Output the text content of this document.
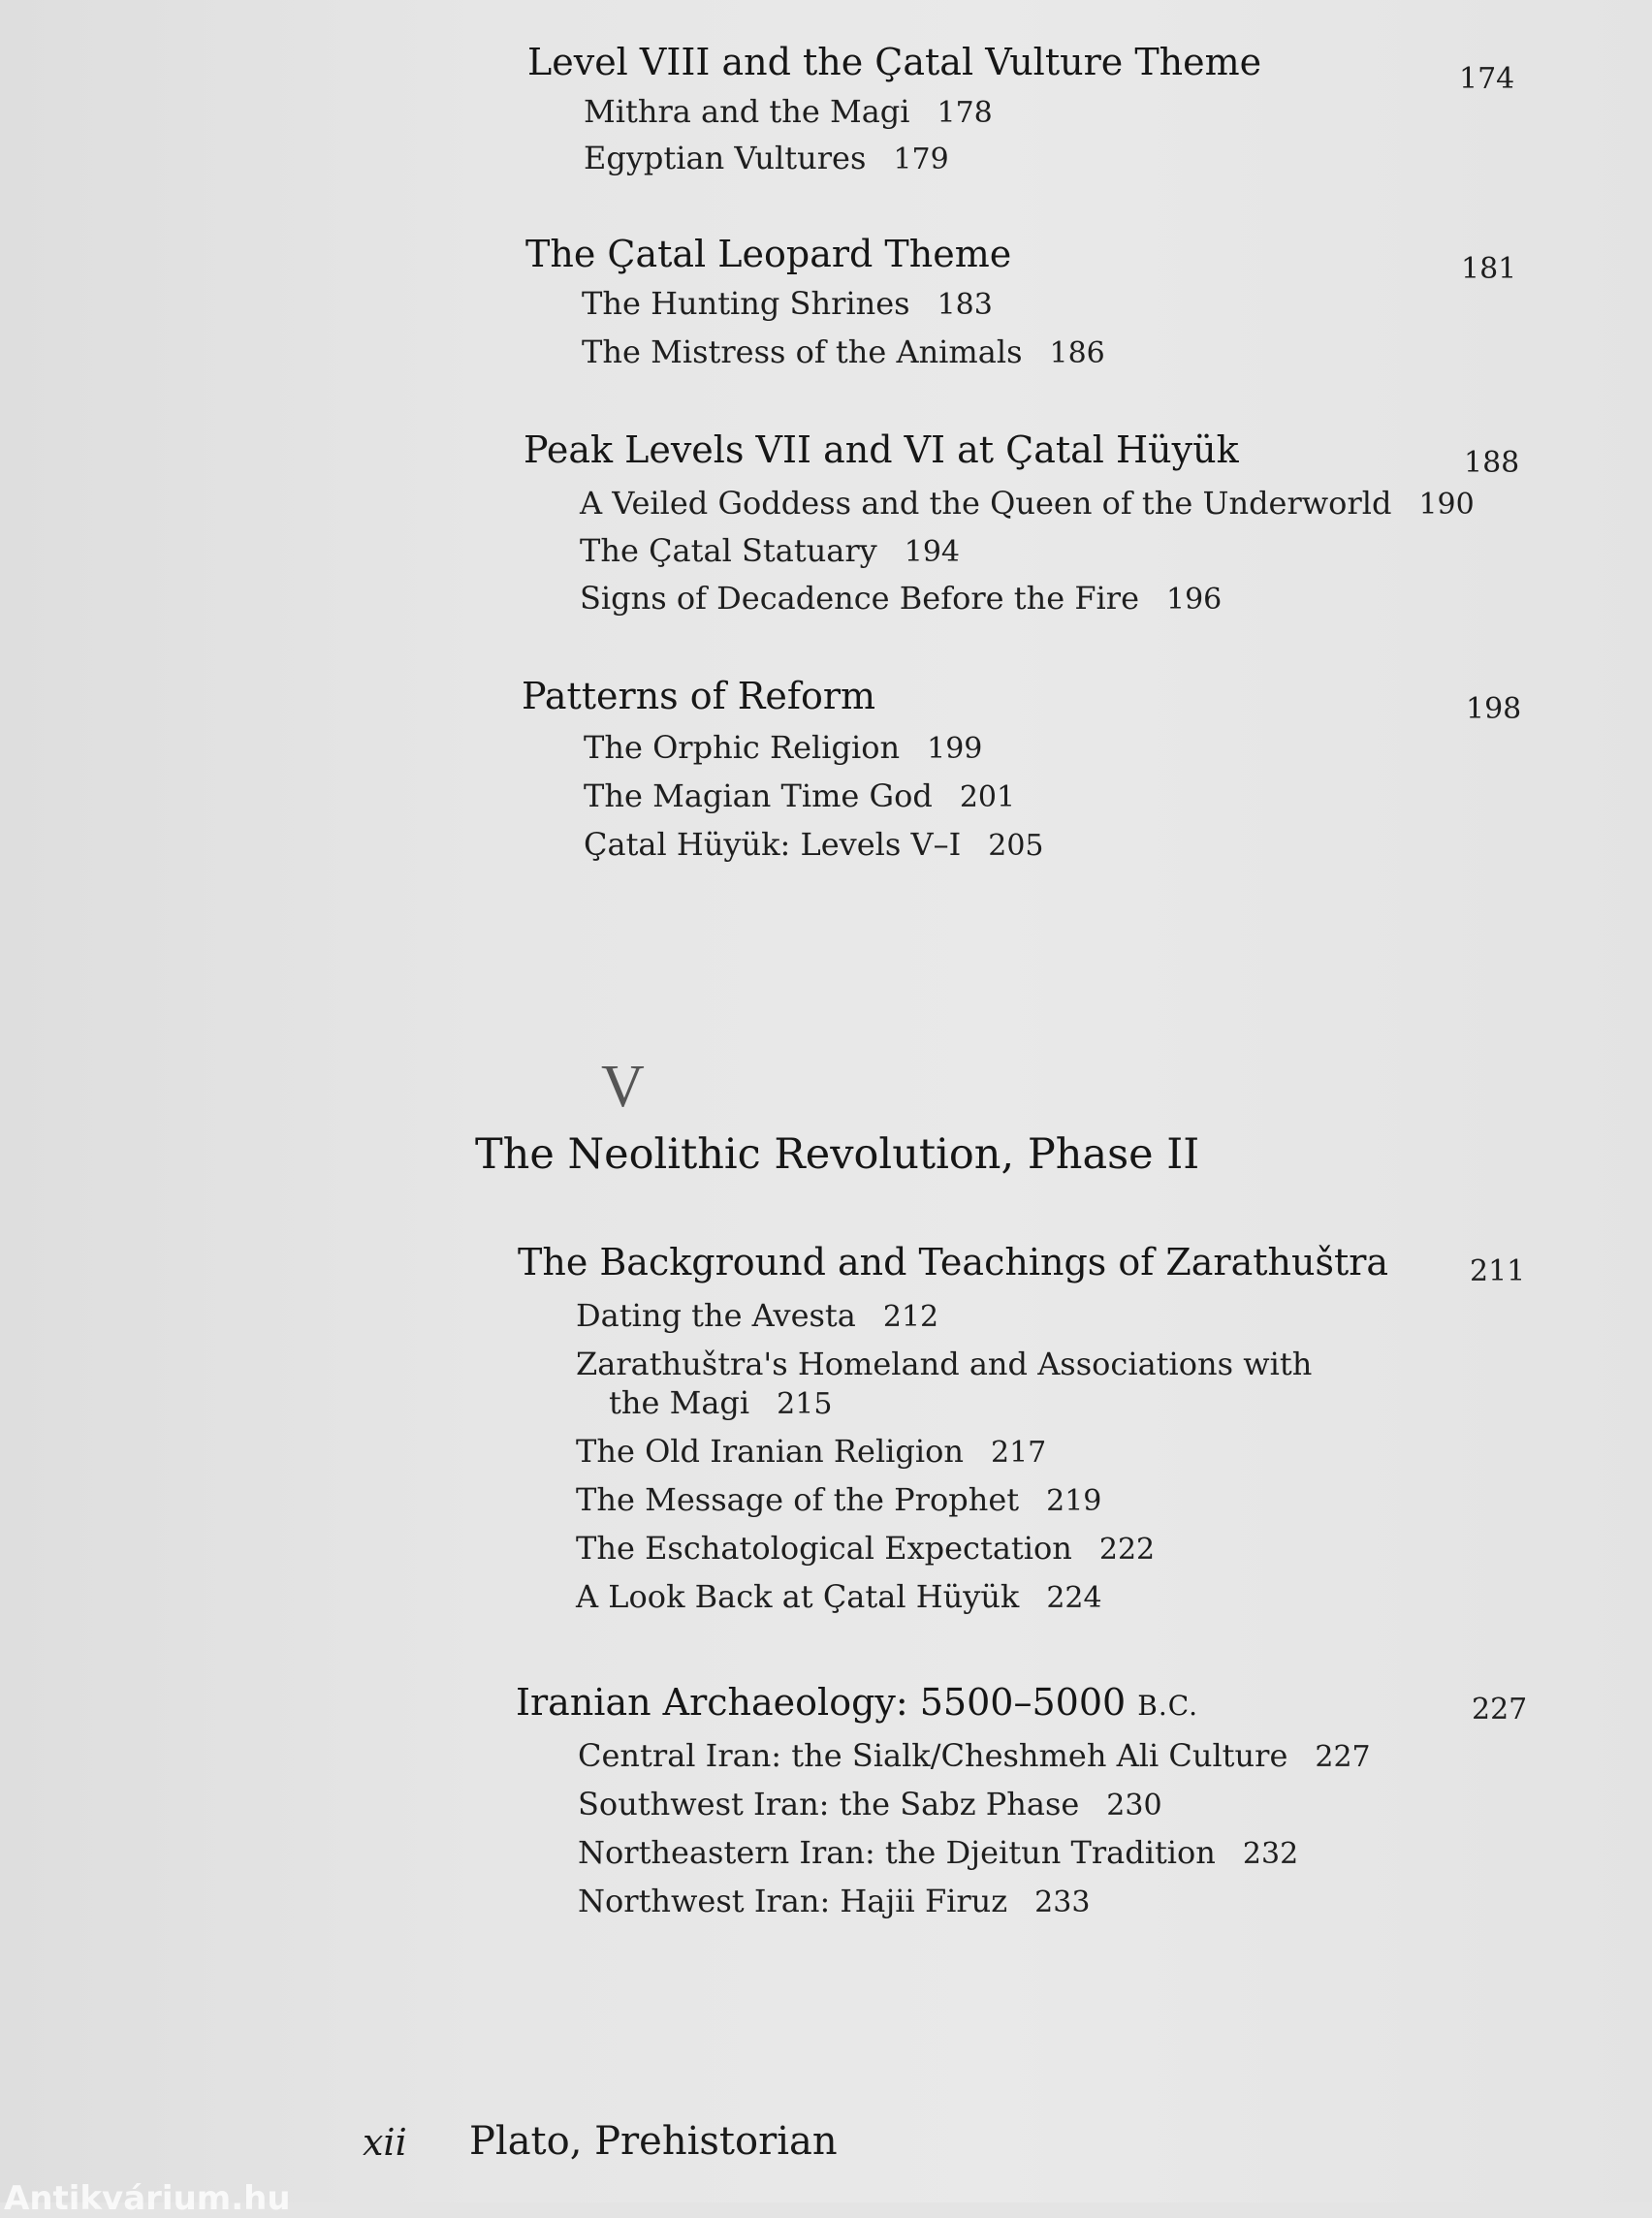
Level VIII and the Çatal Vulture Theme	174
Mithra and the Magi 178
Egyptian Vultures 179
The Çatal Leopard Theme	181
The Hunting Shrines 183
The Mistress of the Animals 186
Peak Levels VII and VI at Çatal Hüyük	188
A Veiled Goddess and the Queen of the Underworld 190
The Çatal Statuary 194
Signs of Decadence Before the Fire 196
Patterns of Reform	198
The Orphic Religion 199
The Magian Time God 201
Çatal Hüyük: Levels V–I 205
V
The Neolithic Revolution, Phase II
The Background and Teachings of Zarathuštra	211
Dating the Avesta 212
Zarathuštra's Homeland and Associations with
the Magi 215
The Old Iranian Religion 217
The Message of the Prophet 219
The Eschatological Expectation 222
A Look Back at Çatal Hüyük 224
Iranian Archaeology: 5500–5000 B.C.	227
Central Iran: the Sialk/Cheshmeh Ali Culture 227
Southwest Iran: the Sabz Phase 230
Northeastern Iran: the Djeitun Tradition 232
Northwest Iran: Hajii Firuz 233
xii Plato, Prehistorian
Antikvárium.hu
